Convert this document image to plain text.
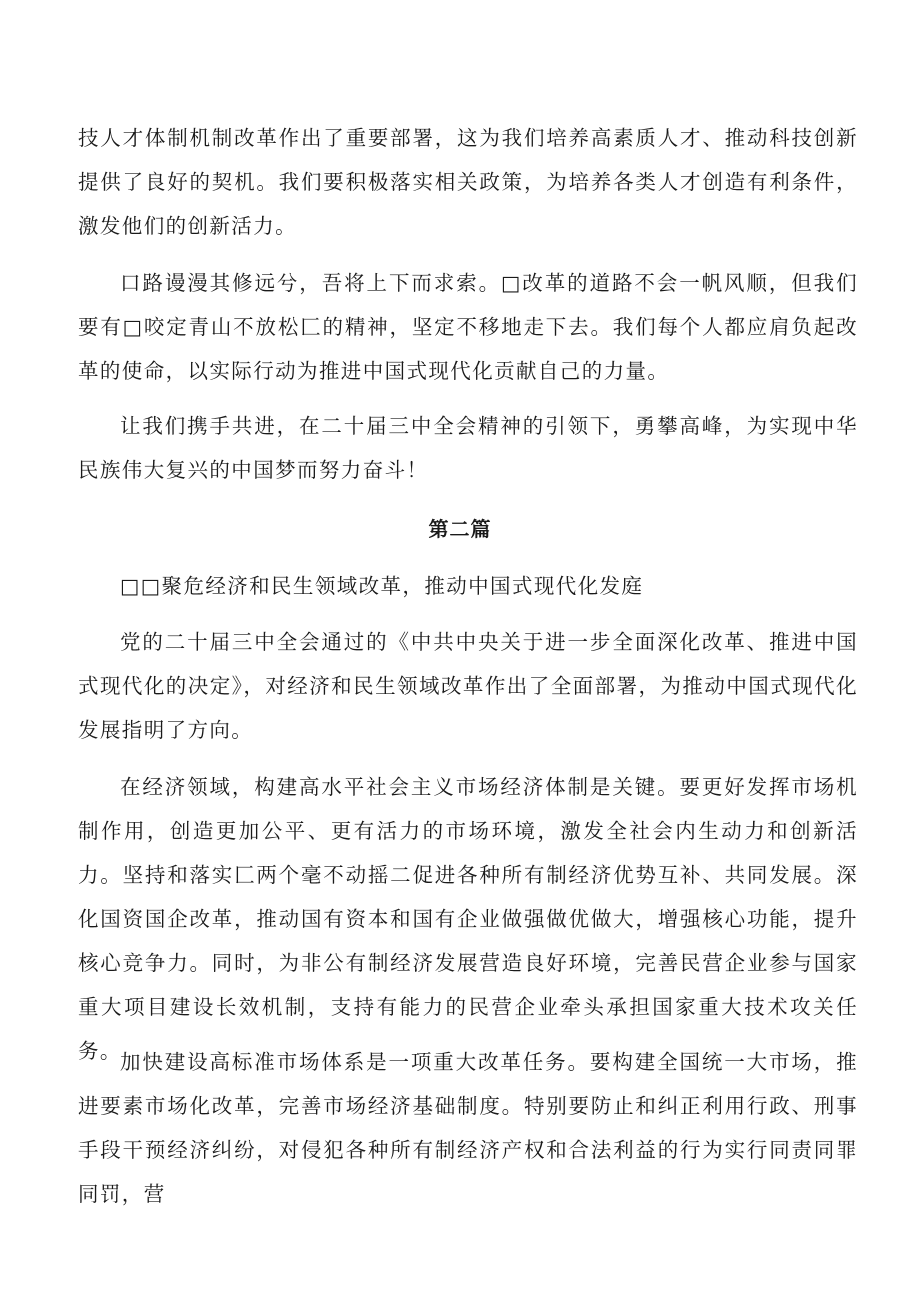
技人才体制机制改革作出了重要部署，这为我们培养高素质人才、推动科技创新提供了良好的契机。我们要积极落实相关政策，为培养各类人才创造有利条件，激发他们的创新活力。

口路谩漫其修远兮，吾将上下而求索。□改革的道路不会一帆风顺，但我们要有□咬定青山不放松匚的精神，坚定不移地走下去。我们每个人都应肩负起改革的使命，以实际行动为推进中国式现代化贡献自己的力量。

让我们携手共进，在二十届三中全会精神的引领下，勇攀高峰，为实现中华民族伟大复兴的中国梦而努力奋斗！

第二篇

□□聚危经济和民生领域改革，推动中国式现代化发庭

党的二十届三中全会通过的《中共中央关于进一步全面深化改革、推进中国式现代化的决定》，对经济和民生领域改革作出了全面部署，为推动中国式现代化发展指明了方向。

在经济领域，构建高水平社会主义市场经济体制是关键。要更好发挥市场机制作用，创造更加公平、更有活力的市场环境，激发全社会内生动力和创新活力。坚持和落实匚两个毫不动摇二促进各种所有制经济优势互补、共同发展。深化国资国企改革，推动国有资本和国有企业做强做优做大，增强核心功能，提升核心竞争力。同时，为非公有制经济发展营造良好环境，完善民营企业参与国家重大项目建设长效机制，支持有能力的民营企业牵头承担国家重大技术攻关任务。

加快建设高标准市场体系是一项重大改革任务。要构建全国统一大市场，推进要素市场化改革，完善市场经济基础制度。特别要防止和纠正利用行政、刑事手段干预经济纠纷，对侵犯各种所有制经济产权和合法利益的行为实行同责同罪同罚，营
